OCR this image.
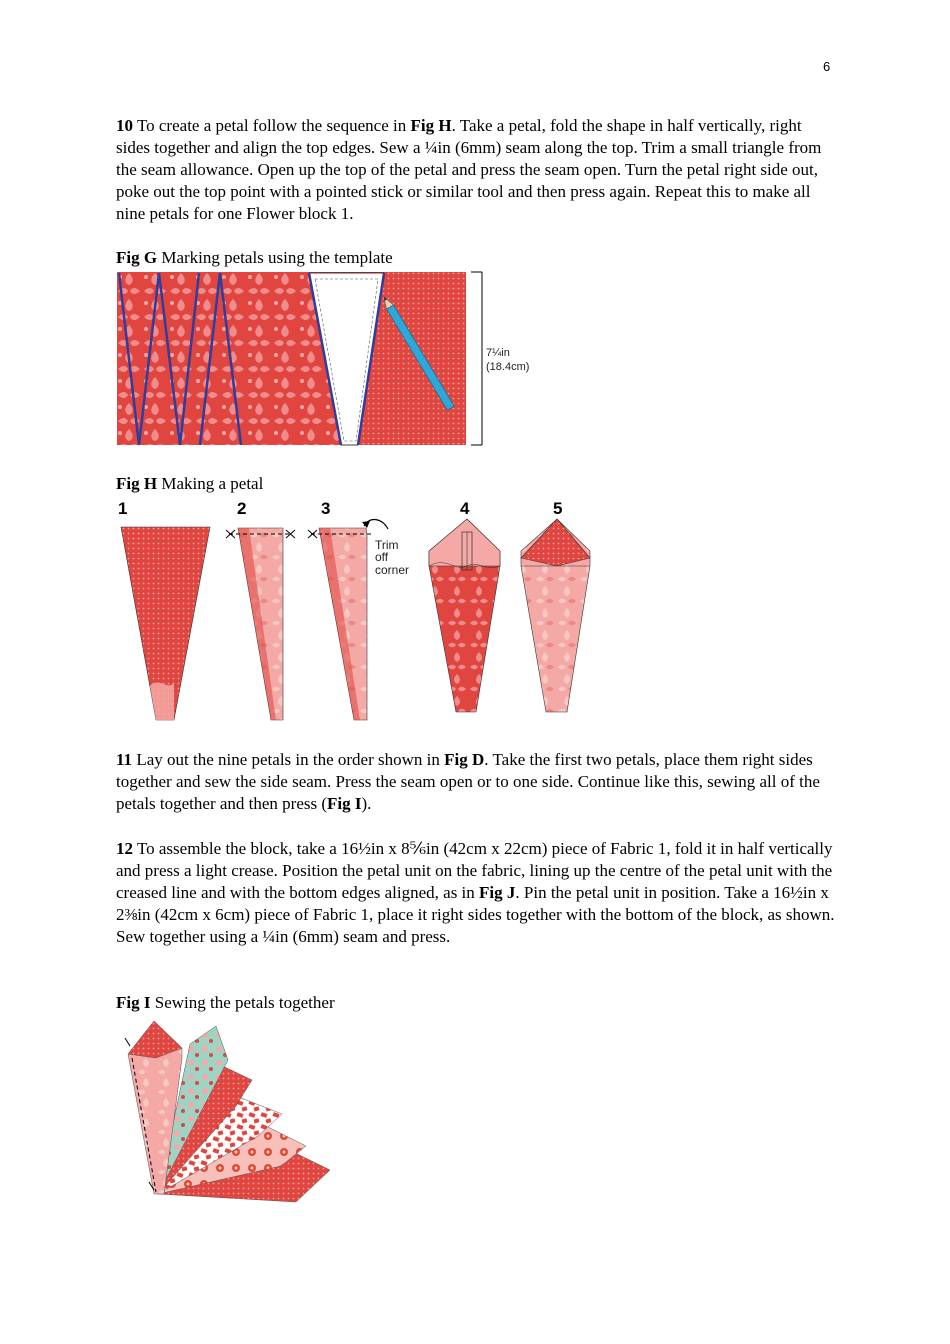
6

10 To create a petal follow the sequence in Fig H. Take a petal, fold the shape in half vertically, right sides together and align the top edges. Sew a ¼in (6mm) seam along the top. Trim a small triangle from the seam allowance. Open up the top of the petal and press the seam open. Turn the petal right side out, poke out the top point with a pointed stick or similar tool and then press again. Repeat this to make all nine petals for one Flower block 1.

Fig G Marking petals using the template

7¼in
(18.4cm)

Fig H Making a petal

1	2	3	4	5
Trim
off
corner

11 Lay out the nine petals in the order shown in Fig D. Take the first two petals, place them right sides together and sew the side seam. Press the seam open or to one side. Continue like this, sewing all of the petals together and then press (Fig I).

12 To assemble the block, take a 16½in x 8⅚in (42cm x 22cm) piece of Fabric 1, fold it in half vertically and press a light crease. Position the petal unit on the fabric, lining up the centre of the petal unit with the creased line and with the bottom edges aligned, as in Fig J. Pin the petal unit in position. Take a 16½in x 2⅜in (42cm x 6cm) piece of Fabric 1, place it right sides together with the bottom of the block, as shown. Sew together using a ¼in (6mm) seam and press.

Fig I Sewing the petals together
